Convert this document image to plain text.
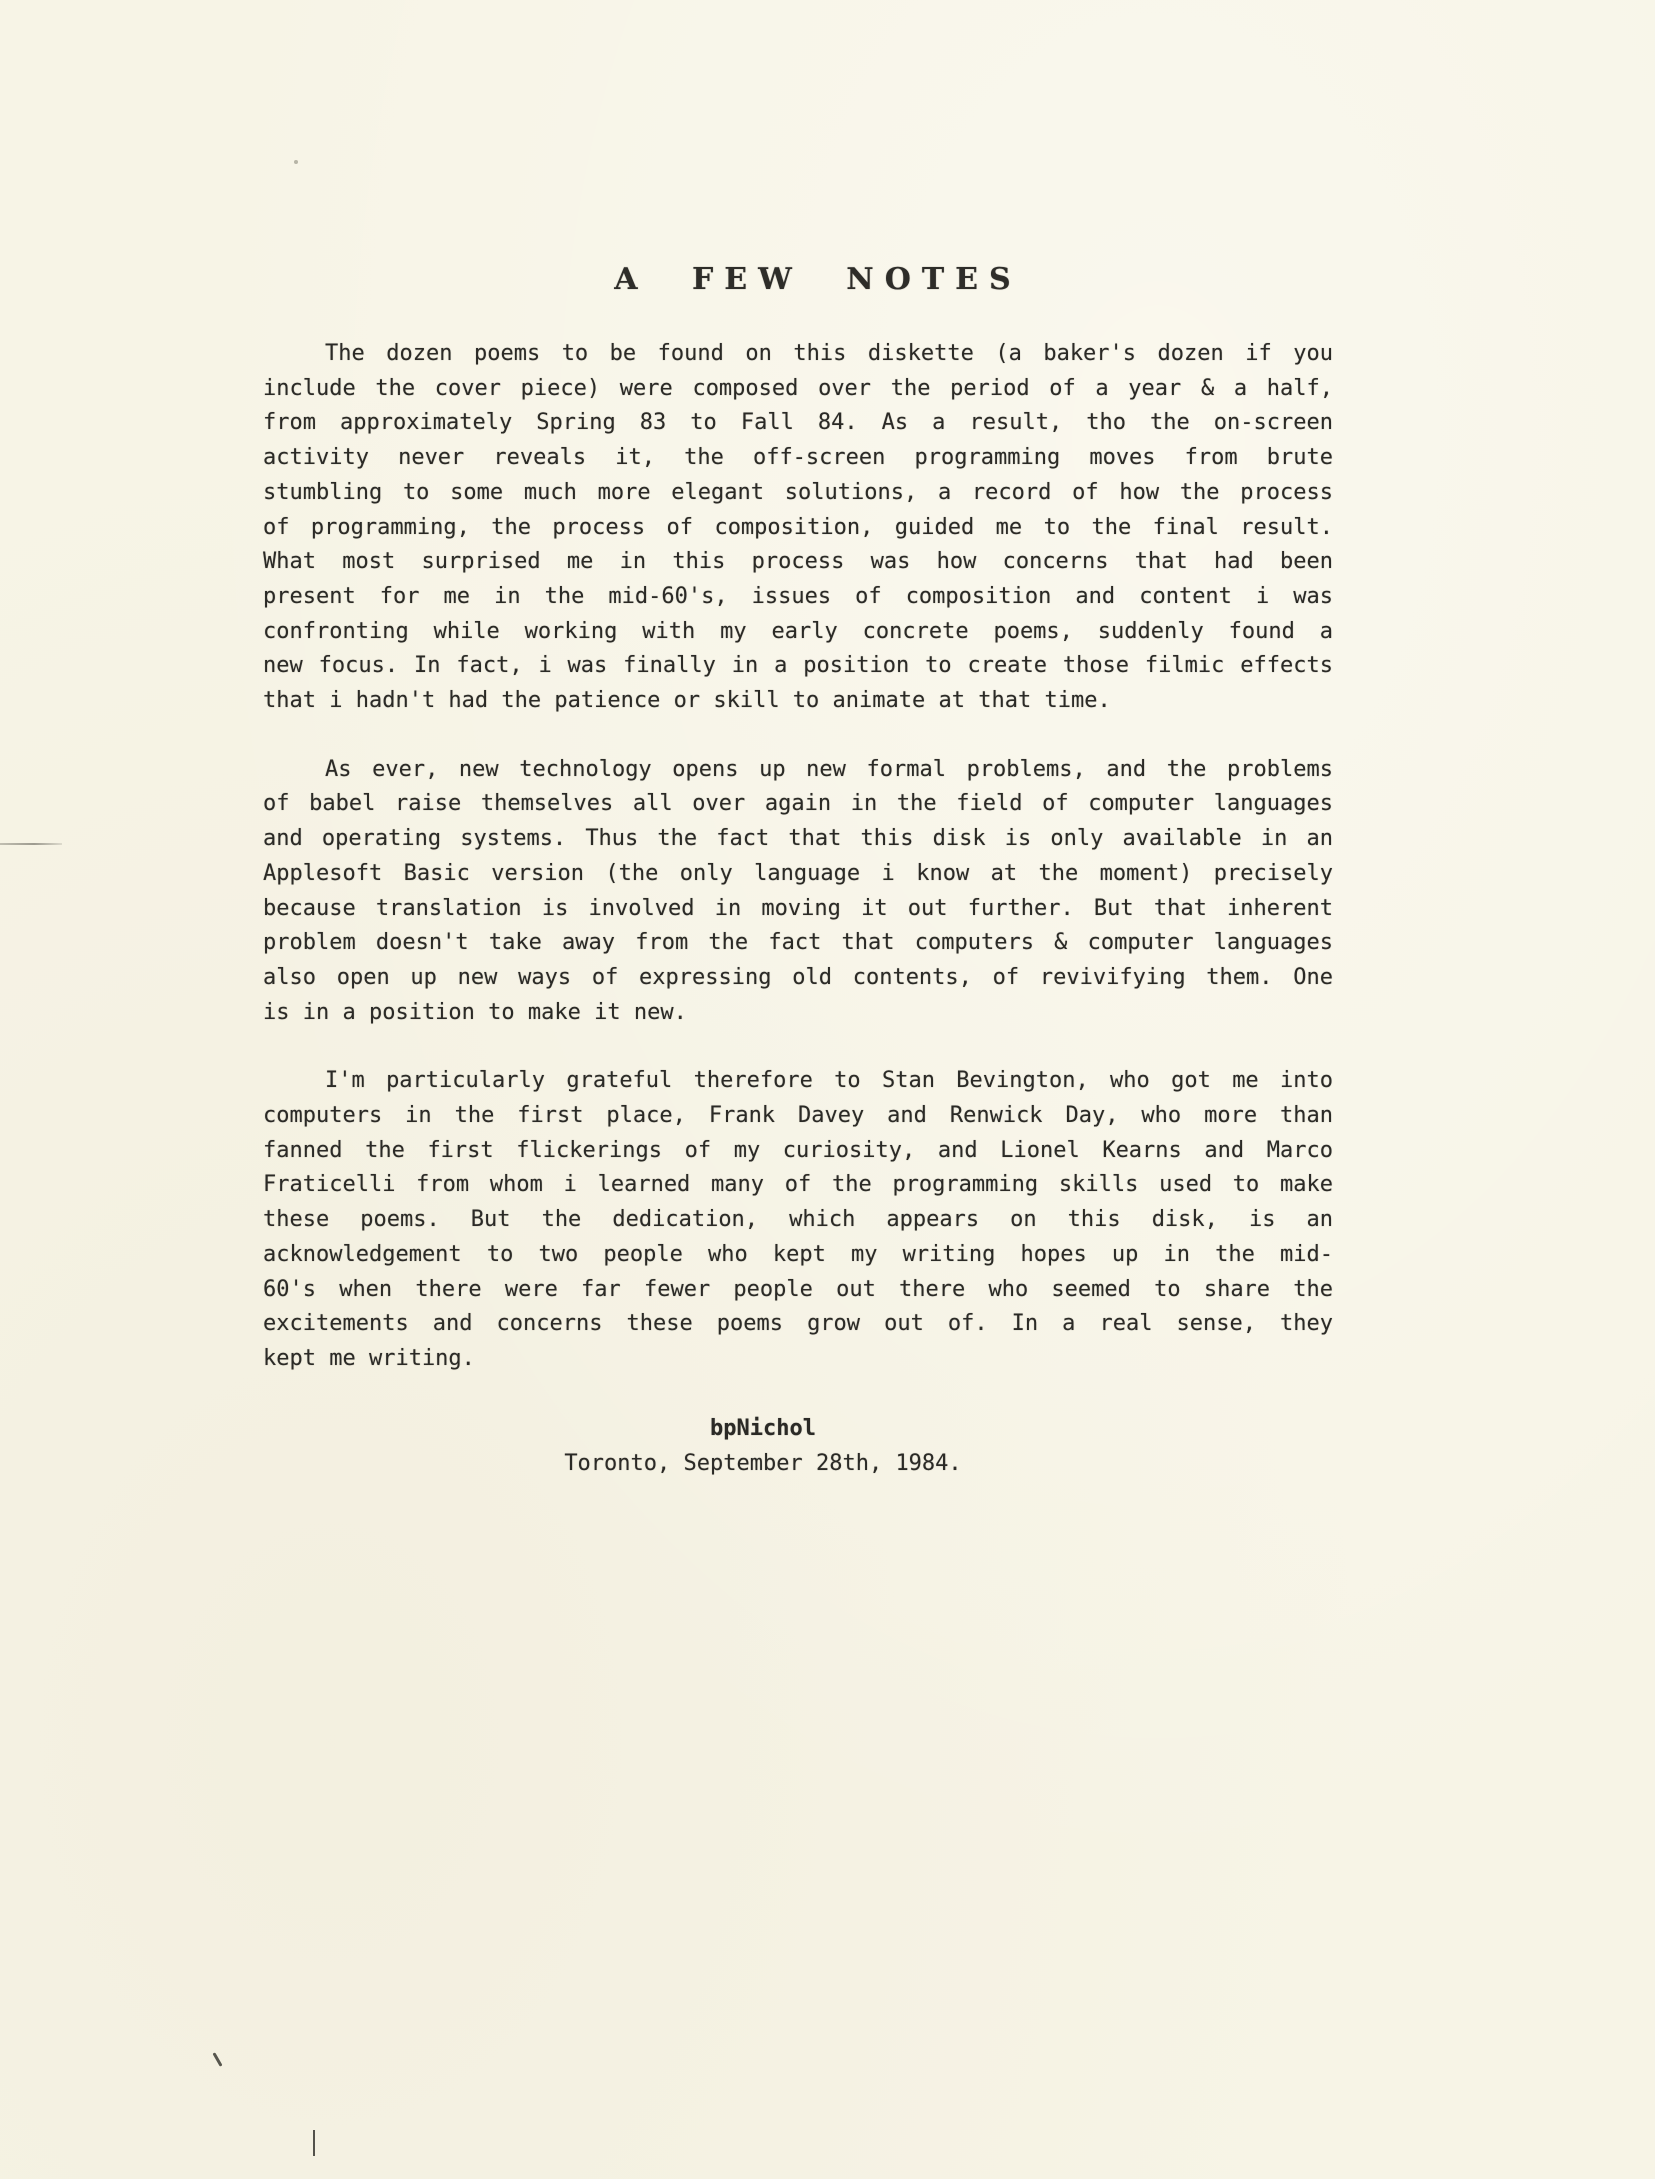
A FEW NOTES
The dozen poems to be found on this diskette (a baker's dozen if you
include the cover piece) were composed over the period of a year & a half,
from approximately Spring 83 to Fall 84. As a result, tho the on-screen
activity never reveals it, the off-screen programming moves from brute
stumbling to some much more elegant solutions, a record of how the process
of programming, the process of composition, guided me to the final result.
What most surprised me in this process was how concerns that had been
present for me in the mid-60's, issues of composition and content i was
confronting while working with my early concrete poems, suddenly found a
new focus. In fact, i was finally in a position to create those filmic effects
that i hadn't had the patience or skill to animate at that time.
As ever, new technology opens up new formal problems, and the problems
of babel raise themselves all over again in the field of computer languages
and operating systems. Thus the fact that this disk is only available in an
Applesoft Basic version (the only language i know at the moment) precisely
because translation is involved in moving it out further. But that inherent
problem doesn't take away from the fact that computers & computer languages
also open up new ways of expressing old contents, of revivifying them. One
is in a position to make it new.
I'm particularly grateful therefore to Stan Bevington, who got me into
computers in the first place, Frank Davey and Renwick Day, who more than
fanned the first flickerings of my curiosity, and Lionel Kearns and Marco
Fraticelli from whom i learned many of the programming skills used to make
these poems. But the dedication, which appears on this disk, is an
acknowledgement to two people who kept my writing hopes up in the mid-
60's when there were far fewer people out there who seemed to share the
excitements and concerns these poems grow out of. In a real sense, they
kept me writing.
bpNichol
Toronto, September 28th, 1984.
